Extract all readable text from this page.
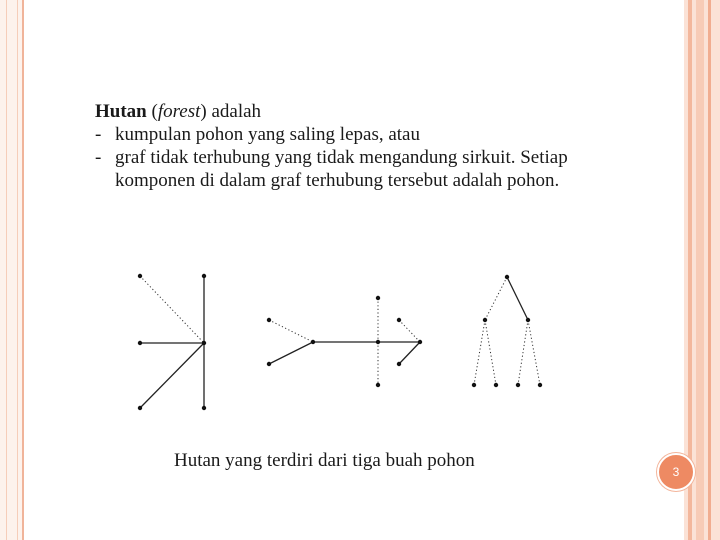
Hutan (forest) adalah
- kumpulan pohon yang saling lepas, atau
- graf tidak terhubung yang tidak mengandung sirkuit. Setiap
komponen di dalam graf terhubung tersebut adalah pohon.
Hutan yang terdiri dari tiga buah pohon
3
